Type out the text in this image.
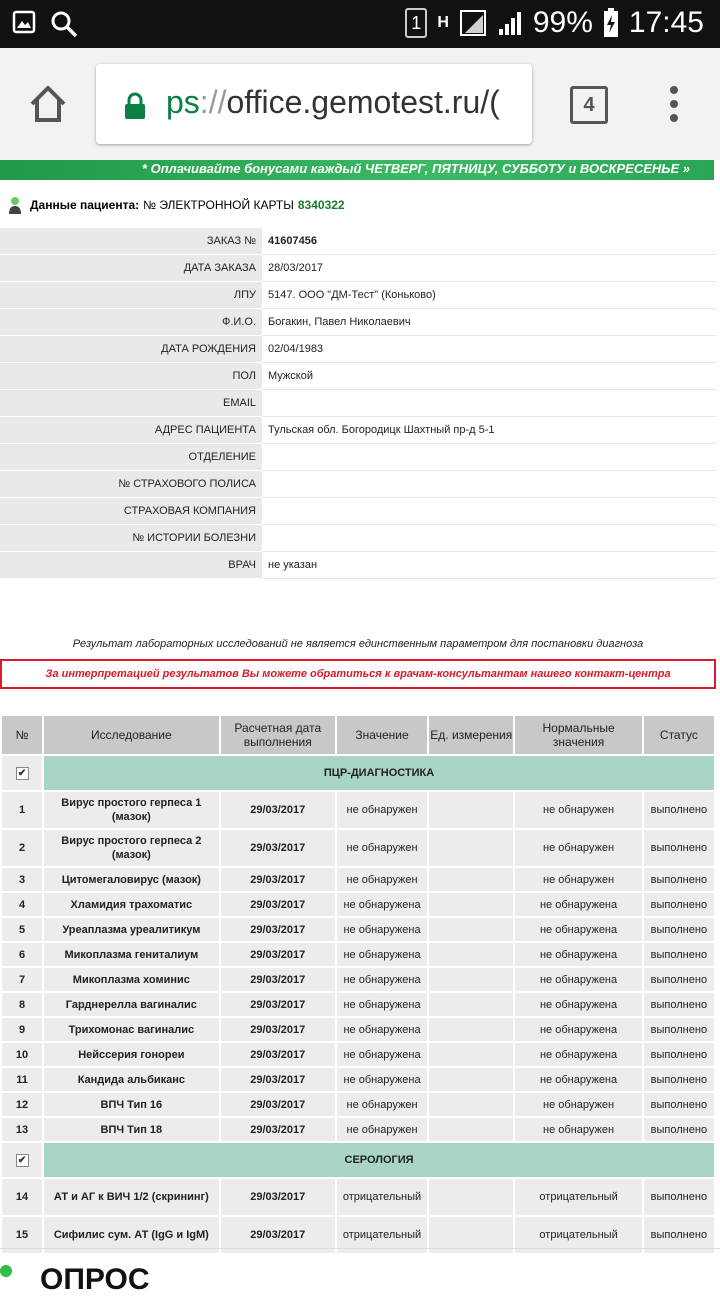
1	H	99% 17:45
ps://office.gemotest.ru/(	4
* Оплачивайте бонусами каждый ЧЕТВЕРГ, ПЯТНИЦУ, СУББОТУ и ВОСКРЕСЕНЬЕ »
Данные пациента: № ЭЛЕКТРОННОЙ КАРТЫ 8340322
ЗАКАЗ №	41607456
ДАТА ЗАКАЗА	28/03/2017
ЛПУ	5147. ООО "ДМ-Тест" (Коньково)
Ф.И.О.	Богакин, Павел Николаевич
ДАТА РОЖДЕНИЯ	02/04/1983
ПОЛ	Мужской
EMAIL	
АДРЕС ПАЦИЕНТА	Тульская обл. Богородицк Шахтный пр-д 5-1
ОТДЕЛЕНИЕ	
№ СТРАХОВОГО ПОЛИСА	
СТРАХОВАЯ КОМПАНИЯ	
№ ИСТОРИИ БОЛЕЗНИ	
ВРАЧ	не указан
Результат лабораторных исследований не является единственным параметром для постановки диагноза
За интерпретацией результатов Вы можете обратиться к врачам-консультантам нашего контакт-центра
№	Исследование	Расчетная дата выполнения	Значение	Ед. измерения	Нормальные значения	Статус
✔	ПЦР-ДИАГНОСТИКА					
1	Вирус простого герпеса 1 (мазок)	29/03/2017	не обнаружен		не обнаружен	выполнено
2	Вирус простого герпеса 2 (мазок)	29/03/2017	не обнаружен		не обнаружен	выполнено
3	Цитомегаловирус (мазок)	29/03/2017	не обнаружен		не обнаружен	выполнено
4	Хламидия трахоматис	29/03/2017	не обнаружена		не обнаружена	выполнено
5	Уреаплазма уреалитикум	29/03/2017	не обнаружена		не обнаружена	выполнено
6	Микоплазма гениталиум	29/03/2017	не обнаружена		не обнаружена	выполнено
7	Микоплазма хоминис	29/03/2017	не обнаружена		не обнаружена	выполнено
8	Гарднерелла вагиналис	29/03/2017	не обнаружена		не обнаружена	выполнено
9	Трихомонас вагиналис	29/03/2017	не обнаружена		не обнаружена	выполнено
10	Нейссерия гонореи	29/03/2017	не обнаружена		не обнаружена	выполнено
11	Кандида альбиканс	29/03/2017	не обнаружена		не обнаружена	выполнено
12	ВПЧ Тип 16	29/03/2017	не обнаружен		не обнаружен	выполнено
13	ВПЧ Тип 18	29/03/2017	не обнаружен		не обнаружен	выполнено
✔	СЕРОЛОГИЯ					
14	АТ и АГ к ВИЧ 1/2 (скрининг)	29/03/2017	отрицательный		отрицательный	выполнено
15	Сифилис сум. АТ (IgG и IgM)	29/03/2017	отрицательный		отрицательный	выполнено
ОПРОС
